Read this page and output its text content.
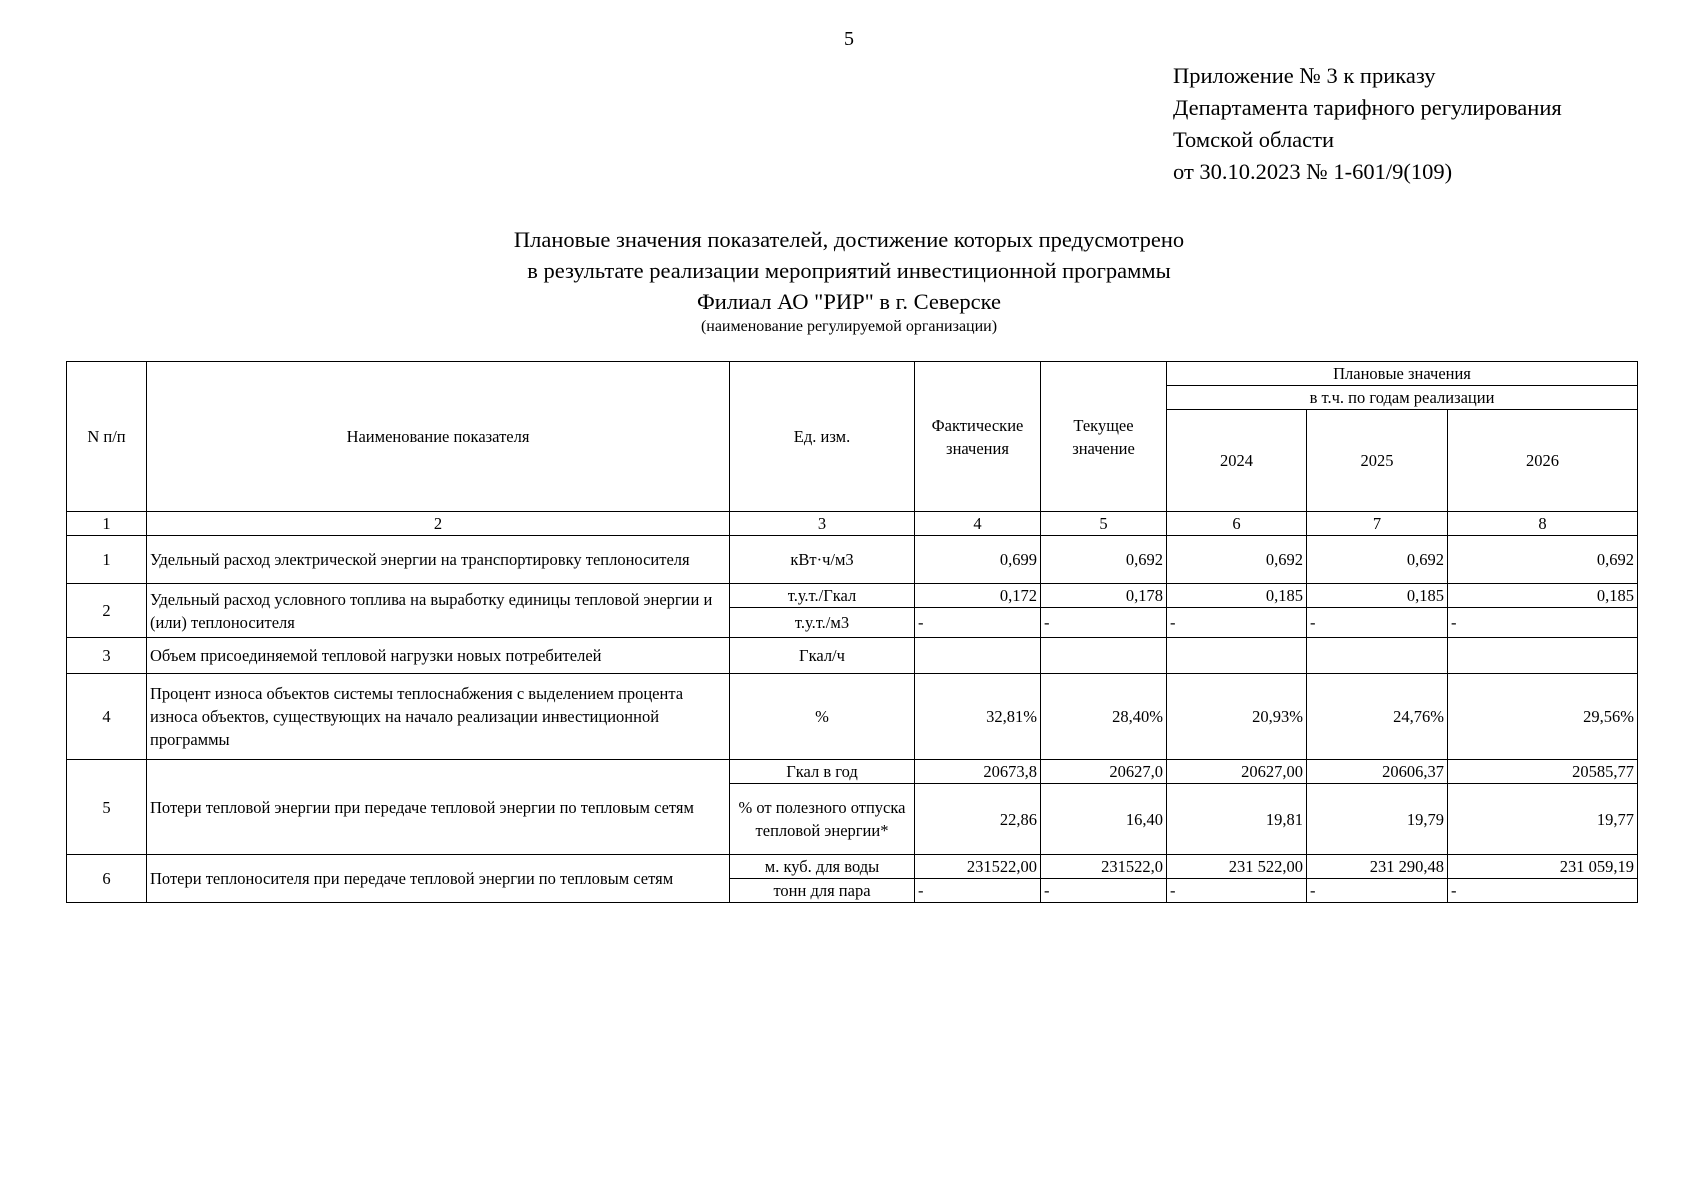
5
Приложение № 3 к приказу
Департамента тарифного регулирования
Томской области
от 30.10.2023 № 1-601/9(109)
Плановые значения показателей, достижение которых предусмотрено
в результате реализации мероприятий инвестиционной программы
Филиал АО "РИР" в г. Северске
(наименование регулируемой организации)
N п/п	Наименование показателя	Ед. изм.	Фактические значения	Текущее значение	Плановые значения		
					в т.ч. по годам реализации		
					2024	2025	2026
1	2	3	4	5	6	7	8
1	Удельный расход электрической энергии на транспортировку теплоносителя	кВт·ч/м3	0,699	0,692	0,692	0,692	0,692
2	Удельный расход условного топлива на выработку единицы тепловой энергии и (или) теплоносителя	т.у.т./Гкал	0,172	0,178	0,185	0,185	0,185
		т.у.т./м3	-	-	-	-	-
3	Объем присоединяемой тепловой нагрузки новых потребителей	Гкал/ч					
4	Процент износа объектов системы теплоснабжения с выделением процента износа объектов, существующих на начало реализации инвестиционной программы	%	32,81%	28,40%	20,93%	24,76%	29,56%
5	Потери тепловой энергии при передаче тепловой энергии по тепловым сетям	Гкал в год	20673,8	20627,0	20627,00	20606,37	20585,77
		% от полезного отпуска тепловой энергии*	22,86	16,40	19,81	19,79	19,77
6	Потери теплоносителя при передаче тепловой энергии по тепловым сетям	м. куб. для воды	231522,00	231522,0	231 522,00	231 290,48	231 059,19
		тонн для пара	-	-	-	-	-
